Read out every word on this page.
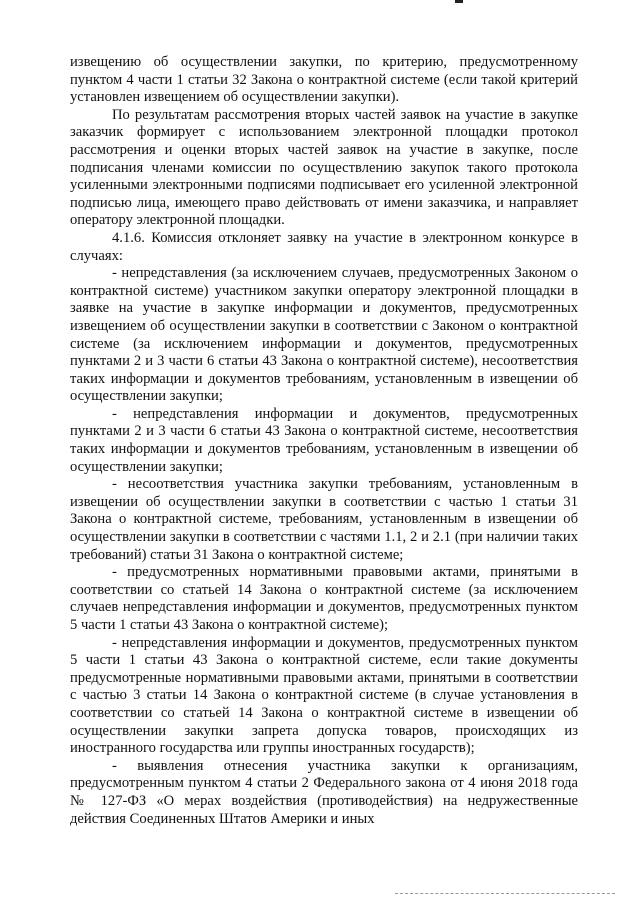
извещению об осуществлении закупки, по критерию, предусмотренному пунктом 4 части 1 статьи 32 Закона о контрактной системе (если такой критерий установлен извещением об осуществлении закупки).

По результатам рассмотрения вторых частей заявок на участие в закупке заказчик формирует с использованием электронной площадки протокол рассмотрения и оценки вторых частей заявок на участие в закупке, после подписания членами комиссии по осуществлению закупок такого протокола усиленными электронными подписями подписывает его усиленной электронной подписью лица, имеющего право действовать от имени заказчика, и направляет оператору электронной площадки.

4.1.6. Комиссия отклоняет заявку на участие в электронном конкурсе в случаях:

- непредставления (за исключением случаев, предусмотренных Законом о контрактной системе) участником закупки оператору электронной площадки в заявке на участие в закупке информации и документов, предусмотренных извещением об осуществлении закупки в соответствии с Законом о контрактной системе (за исключением информации и документов, предусмотренных пунктами 2 и 3 части 6 статьи 43 Закона о контрактной системе), несоответствия таких информации и документов требованиям, установленным в извещении об осуществлении закупки;

- непредставления информации и документов, предусмотренных пунктами 2 и 3 части 6 статьи 43 Закона о контрактной системе, несоответствия таких информации и документов требованиям, установленным в извещении об осуществлении закупки;

- несоответствия участника закупки требованиям, установленным в извещении об осуществлении закупки в соответствии с частью 1 статьи 31 Закона о контрактной системе, требованиям, установленным в извещении об осуществлении закупки в соответствии с частями 1.1, 2 и 2.1 (при наличии таких требований) статьи 31 Закона о контрактной системе;

- предусмотренных нормативными правовыми актами, принятыми в соответствии со статьей 14 Закона о контрактной системе (за исключением случаев непредставления информации и документов, предусмотренных пунктом 5 части 1 статьи 43 Закона о контрактной системе);

- непредставления информации и документов, предусмотренных пунктом 5 части 1 статьи 43 Закона о контрактной системе, если такие документы предусмотренные нормативными правовыми актами, принятыми в соответствии с частью 3 статьи 14 Закона о контрактной системе (в случае установления в соответствии со статьей 14 Закона о контрактной системе в извещении об осуществлении закупки запрета допуска товаров, происходящих из иностранного государства или группы иностранных государств);

- выявления отнесения участника закупки к организациям, предусмотренным пунктом 4 статьи 2 Федерального закона от 4 июня 2018 года № 127-ФЗ «О мерах воздействия (противодействия) на недружественные действия Соединенных Штатов Америки и иных
